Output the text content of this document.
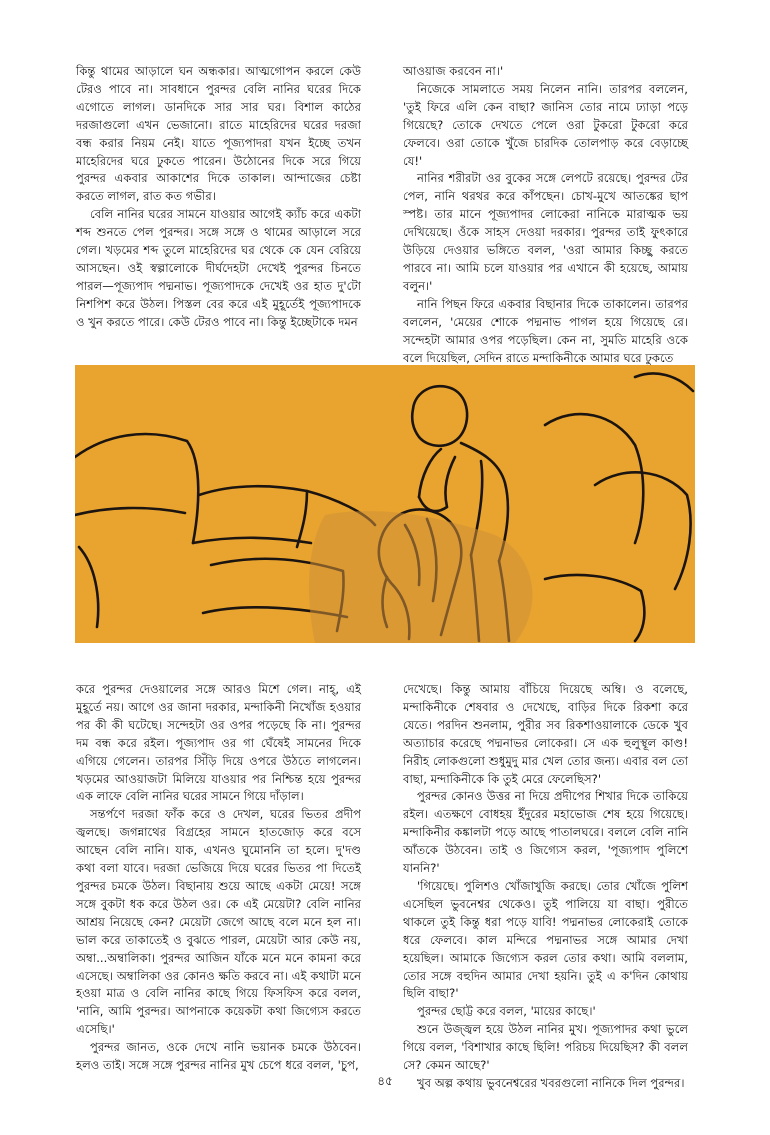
কিন্তু থামের আড়ালে ঘন অন্ধকার। আত্মগোপন করলে কেউ টেরও পাবে না। সাবধানে পুরন্দর বেলি নানির ঘরের দিকে এগোতে লাগল। ডানদিকে সার সার ঘর। বিশাল কাঠের দরজাগুলো এখন ভেজানো। রাতে মাহেরিদের ঘরের দরজা বন্ধ করার নিয়ম নেই। যাতে পূজ্যপাদরা যখন ইচ্ছে তখন মাহেরিদের ঘরে ঢুকতে পারেন। উঠোনের দিকে সরে গিয়ে পুরন্দর একবার আকাশের দিকে তাকাল। আন্দাজের চেষ্টা করতে লাগল, রাত কত গভীর।

বেলি নানির ঘরের সামনে যাওয়ার আগেই ক্যাঁচ করে একটা শব্দ শুনতে পেল পুরন্দর। সঙ্গে সঙ্গে ও থামের আড়ালে সরে গেল। খড়মের শব্দ তুলে মাহেরিদের ঘর থেকে কে যেন বেরিয়ে আসছেন। ওই স্বল্পালোকে দীর্ঘদেহটা দেখেই পুরন্দর চিনতে পারল—পূজ্যপাদ পদ্মনাভ। পূজ্যপাদকে দেখেই ওর হাত দু'টো নিশপিশ করে উঠল। পিস্তল বের করে এই মুহূর্তেই পূজ্যপাদকে ও খুন করতে পারে। কেউ টেরও পাবে না। কিন্তু ইচ্ছেটাকে দমন

আওয়াজ করবেন না।'

নিজেকে সামলাতে সময় নিলেন নানি। তারপর বললেন, 'তুই ফিরে এলি কেন বাছা? জানিস তোর নামে ঢ্যাড়া পড়ে গিয়েছে? তোকে দেখতে পেলে ওরা টুকরো টুকরো করে ফেলবে। ওরা তোকে খুঁজে চারদিক তোলপাড় করে বেড়াচ্ছে যে!'

নানির শরীরটা ওর বুকের সঙ্গে লেপটে রয়েছে। পুরন্দর টের পেল, নানি থরথর করে কাঁপছেন। চোখ-মুখে আতঙ্কের ছাপ স্পষ্ট। তার মানে পূজ্যপাদর লোকেরা নানিকে মারাত্মক ভয় দেখিয়েছে। ওঁকে সাহস দেওয়া দরকার। পুরন্দর তাই ফুৎকারে উড়িয়ে দেওয়ার ভঙ্গিতে বলল, 'ওরা আমার কিচ্ছু করতে পারবে না। আমি চলে যাওয়ার পর এখানে কী হয়েছে, আমায় বলুন।'

নানি পিছন ফিরে একবার বিছানার দিকে তাকালেন। তারপর বললেন, 'মেয়ের শোকে পদ্মনাভ পাগল হয়ে গিয়েছে রে। সন্দেহটা আমার ওপর পড়েছিল। কেন না, সুমতি মাহেরি ওকে বলে দিয়েছিল, সেদিন রাতে মন্দাকিনীকে আমার ঘরে ঢুকতে

করে পুরন্দর দেওয়ালের সঙ্গে আরও মিশে গেল। নাহ্, এই মুহূর্তে নয়। আগে ওর জানা দরকার, মন্দাকিনী নিখোঁজ হওয়ার পর কী কী ঘটেছে। সন্দেহটা ওর ওপর পড়েছে কি না। পুরন্দর দম বন্ধ করে রইল। পূজ্যপাদ ওর গা ঘেঁষেই সামনের দিকে এগিয়ে গেলেন। তারপর সিঁড়ি দিয়ে ওপরে উঠতে লাগলেন। খড়মের আওয়াজটা মিলিয়ে যাওয়ার পর নিশ্চিন্ত হয়ে পুরন্দর এক লাফে বেলি নানির ঘরের সামনে গিয়ে দাঁড়াল।

সন্তর্পণে দরজা ফাঁক করে ও দেখল, ঘরের ভিতর প্রদীপ জ্বলছে। জগন্নাথের বিগ্রহের সামনে হাতজোড় করে বসে আছেন বেলি নানি। যাক, এখনও ঘুমোননি তা হলে। দু'দণ্ড কথা বলা যাবে। দরজা ভেজিয়ে দিয়ে ঘরের ভিতর পা দিতেই পুরন্দর চমকে উঠল। বিছানায় শুয়ে আছে একটা মেয়ে! সঙ্গে সঙ্গে বুকটা ধক করে উঠল ওর। কে এই মেয়েটা? বেলি নানির আশ্রয় নিয়েছে কেন? মেয়েটা জেগে আছে বলে মনে হল না। ভাল করে তাকাতেই ও বুঝতে পারল, মেয়েটা আর কেউ নয়, অম্বা...অম্বালিকা। পুরন্দর আজিন যাঁকে মনে মনে কামনা করে এসেছে। অম্বালিকা ওর কোনও ক্ষতি করবে না। এই কথাটা মনে হওয়া মাত্র ও বেলি নানির কাছে গিয়ে ফিসফিস করে বলল, 'নানি, আমি পুরন্দর। আপনাকে কয়েকটা কথা জিগ্যেস করতে এসেছি।'

পুরন্দর জানত, ওকে দেখে নানি ভয়ানক চমকে উঠবেন। হলও তাই। সঙ্গে সঙ্গে পুরন্দর নানির মুখ চেপে ধরে বলল, 'চুপ,

দেখেছে। কিন্তু আমায় বাঁচিয়ে দিয়েছে অম্বি। ও বলেছে, মন্দাকিনীকে শেষবার ও দেখেছে, বাড়ির দিকে রিকশা করে যেতে। পরদিন শুনলাম, পুরীর সব রিকশাওয়ালাকে ডেকে খুব অত্যাচার করেছে পদ্মনাভর লোকেরা। সে এক হুলুস্থূল কাণ্ড! নিরীহ লোকগুলো শুধুমুদু মার খেল তোর জন্য। এবার বল তো বাছা, মন্দাকিনীকে কি তুই মেরে ফেলেছিস?'

পুরন্দর কোনও উত্তর না দিয়ে প্রদীপের শিখার দিকে তাকিয়ে রইল। এতক্ষণে বোধহয় ইঁদুরের মহাভোজ শেষ হয়ে গিয়েছে। মন্দাকিনীর কঙ্কালটা পড়ে আছে পাতালঘরে। বললে বেলি নানি আঁতকে উঠবেন। তাই ও জিগ্যেস করল, 'পূজ্যপাদ পুলিশে যাননি?'

'গিয়েছে। পুলিশও খোঁজাখুজি করছে। তোর খোঁজে পুলিশ এসেছিল ভুবনেশ্বর থেকেও। তুই পালিয়ে যা বাছা। পুরীতে থাকলে তুই কিন্তু ধরা পড়ে যাবি! পদ্মনাভর লোকেরাই তোকে ধরে ফেলবে। কাল মন্দিরে পদ্মনাভর সঙ্গে আমার দেখা হয়েছিল। আমাকে জিগ্যেস করল তোর কথা। আমি বললাম, তোর সঙ্গে বহুদিন আমার দেখা হয়নি। তুই এ ক'দিন কোথায় ছিলি বাছা?'

পুরন্দর ছোট্ট করে বলল, 'মায়ের কাছে।'

শুনে উজ্জ্বল হয়ে উঠল নানির মুখ। পূজ্যপাদর কথা ভুলে গিয়ে বলল, 'বিশাখার কাছে ছিলি! পরিচয় দিয়েছিস? কী বলল সে? কেমন আছে?'

খুব অল্প কথায় ভুবনেশ্বরের খবরগুলো নানিকে দিল পুরন্দর।

৪৫
